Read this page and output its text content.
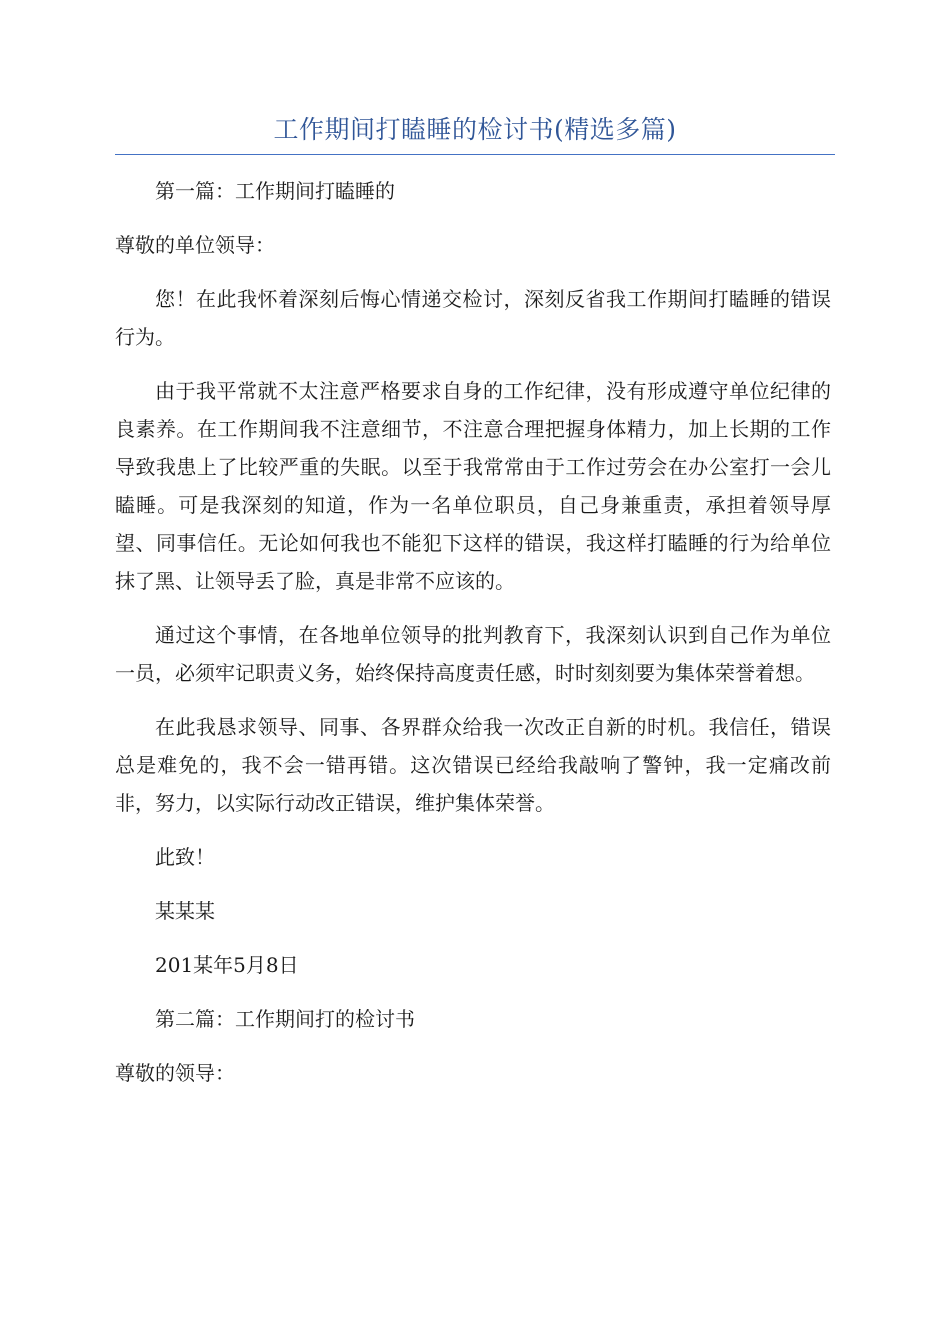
工作期间打瞌睡的检讨书(精选多篇)

第一篇：工作期间打瞌睡的

尊敬的单位领导：

您！在此我怀着深刻后悔心情递交检讨，深刻反省我工作期间打瞌睡的错误行为。

由于我平常就不太注意严格要求自身的工作纪律，没有形成遵守单位纪律的良素养。在工作期间我不注意细节，不注意合理把握身体精力，加上长期的工作导致我患上了比较严重的失眠。以至于我常常由于工作过劳会在办公室打一会儿瞌睡。可是我深刻的知道，作为一名单位职员，自己身兼重责，承担着领导厚望、同事信任。无论如何我也不能犯下这样的错误，我这样打瞌睡的行为给单位抹了黑、让领导丢了脸，真是非常不应该的。

通过这个事情，在各地单位领导的批判教育下，我深刻认识到自己作为单位一员，必须牢记职责义务，始终保持高度责任感，时时刻刻要为集体荣誉着想。

在此我恳求领导、同事、各界群众给我一次改正自新的时机。我信任，错误总是难免的，我不会一错再错。这次错误已经给我敲响了警钟，我一定痛改前非，努力，以实际行动改正错误，维护集体荣誉。

此致！

某某某

201某年5月8日

第二篇：工作期间打的检讨书

尊敬的领导：
